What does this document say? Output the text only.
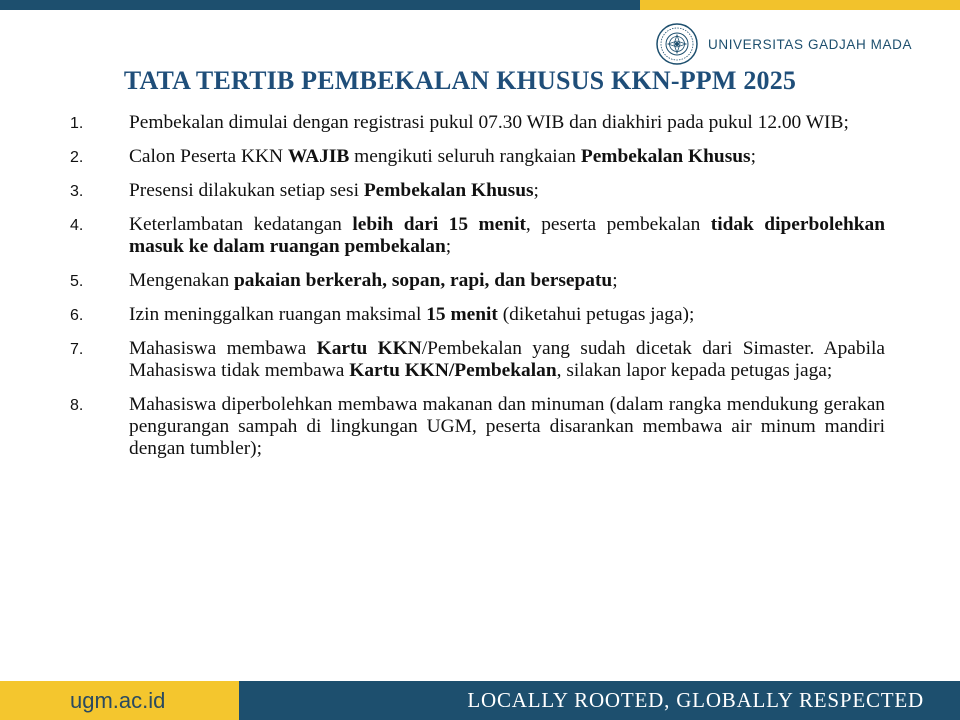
UNIVERSITAS GADJAH MADA
TATA TERTIB PEMBEKALAN KHUSUS KKN-PPM 2025
1.	Pembekalan dimulai dengan registrasi pukul 07.30 WIB dan diakhiri pada pukul 12.00 WIB;
2.	Calon Peserta KKN WAJIB mengikuti seluruh rangkaian Pembekalan Khusus;
3.	Presensi dilakukan setiap sesi Pembekalan Khusus;
4.	Keterlambatan kedatangan lebih dari 15 menit, peserta pembekalan tidak diperbolehkan masuk ke dalam ruangan pembekalan;
5.	Mengenakan pakaian berkerah, sopan, rapi, dan bersepatu;
6.	Izin meninggalkan ruangan maksimal 15 menit (diketahui petugas jaga);
7.	Mahasiswa membawa Kartu KKN/Pembekalan yang sudah dicetak dari Simaster. Apabila Mahasiswa tidak membawa Kartu KKN/Pembekalan, silakan lapor kepada petugas jaga;
8.	Mahasiswa diperbolehkan membawa makanan dan minuman (dalam rangka mendukung gerakan pengurangan sampah di lingkungan UGM, peserta disarankan membawa air minum mandiri dengan tumbler);
ugm.ac.id	LOCALLY ROOTED, GLOBALLY RESPECTED
